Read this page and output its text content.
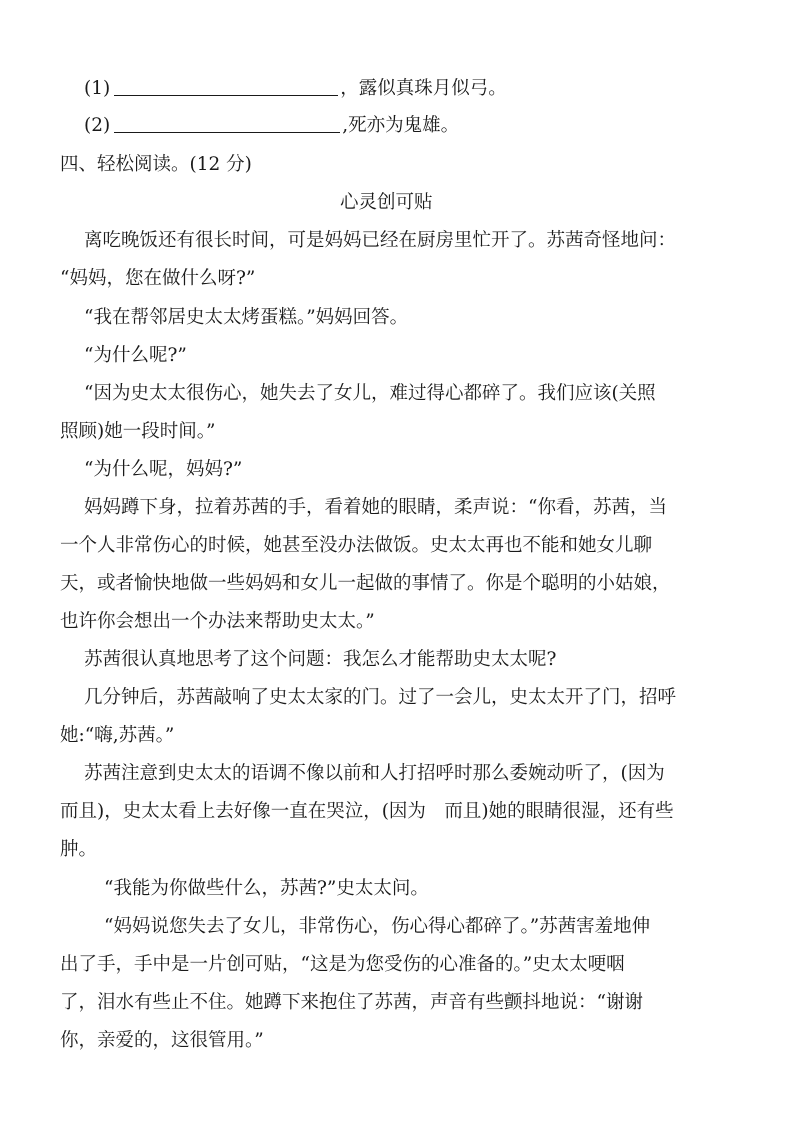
(1)	，露似真珠月似弓。
(2)	,死亦为鬼雄。
四、轻松阅读。(12 分)
心灵创可贴
离吃晚饭还有很长时间，可是妈妈已经在厨房里忙开了。苏茜奇怪地问：
“妈妈，您在做什么呀?”
“我在帮邻居史太太烤蛋糕。”妈妈回答。
“为什么呢?”
“因为史太太很伤心，她失去了女儿，难过得心都碎了。我们应该(关照
照顾)她一段时间。”
“为什么呢，妈妈?”
妈妈蹲下身，拉着苏茜的手，看着她的眼睛，柔声说：“你看，苏茜，当
一个人非常伤心的时候，她甚至没办法做饭。史太太再也不能和她女儿聊
天，或者愉快地做一些妈妈和女儿一起做的事情了。你是个聪明的小姑娘，
也许你会想出一个办法来帮助史太太。”
苏茜很认真地思考了这个问题：我怎么才能帮助史太太呢?
几分钟后，苏茜敲响了史太太家的门。过了一会儿，史太太开了门，招呼
她:“嗨,苏茜。”
苏茜注意到史太太的语调不像以前和人打招呼时那么委婉动听了，(因为
而且)，史太太看上去好像一直在哭泣，(因为　而且)她的眼睛很湿，还有些
肿。
“我能为你做些什么，苏茜?”史太太问。
“妈妈说您失去了女儿，非常伤心，伤心得心都碎了。”苏茜害羞地伸
出了手，手中是一片创可贴，“这是为您受伤的心准备的。”史太太哽咽
了，泪水有些止不住。她蹲下来抱住了苏茜，声音有些颤抖地说：“谢谢
你，亲爱的，这很管用。”
